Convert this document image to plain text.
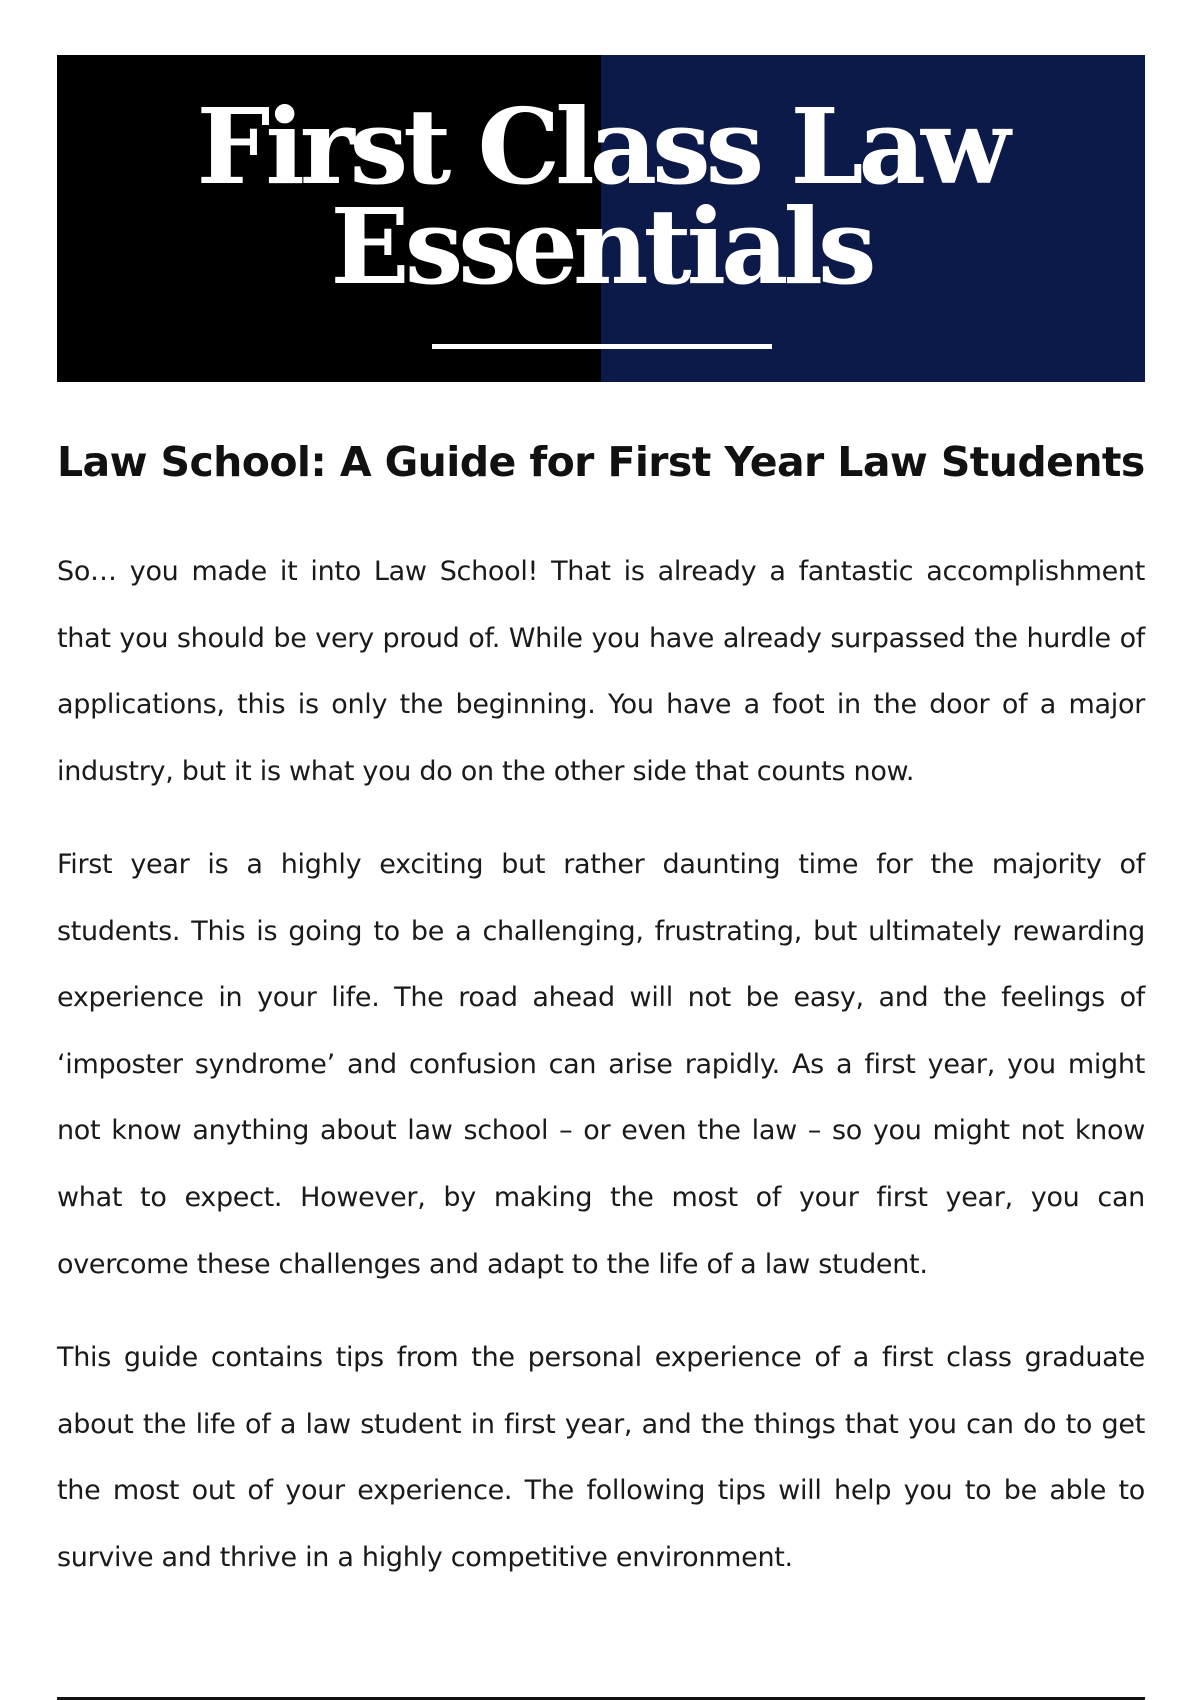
First Class Law
Essentials
Law School: A Guide for First Year Law Students

So… you made it into Law School! That is already a fantastic accomplishment that you should be very proud of. While you have already surpassed the hurdle of applications, this is only the beginning. You have a foot in the door of a major industry, but it is what you do on the other side that counts now.

First year is a highly exciting but rather daunting time for the majority of students. This is going to be a challenging, frustrating, but ultimately rewarding experience in your life. The road ahead will not be easy, and the feelings of ‘imposter syndrome’ and confusion can arise rapidly. As a first year, you might not know anything about law school – or even the law – so you might not know what to expect. However, by making the most of your first year, you can overcome these challenges and adapt to the life of a law student.

This guide contains tips from the personal experience of a first class graduate about the life of a law student in first year, and the things that you can do to get the most out of your experience. The following tips will help you to be able to survive and thrive in a highly competitive environment.
